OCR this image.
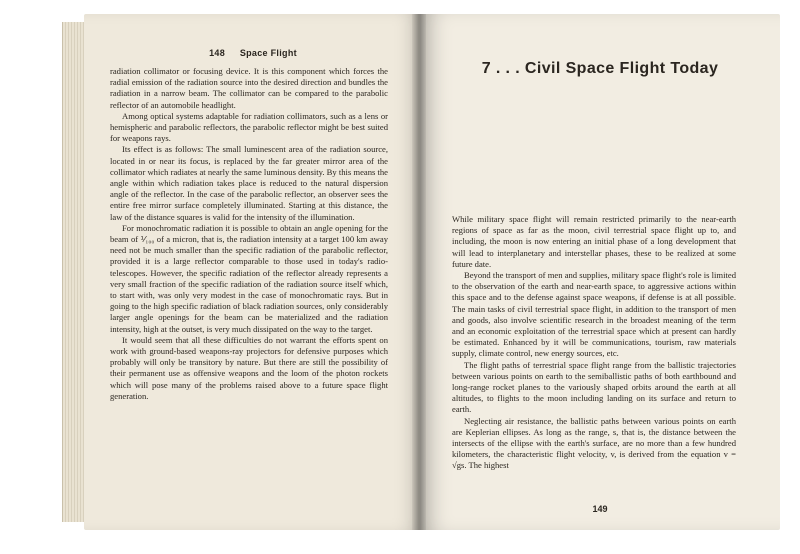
148 Space Flight

radiation collimator or focusing device. It is this component which forces the radial emission of the radiation source into the desired direction and bundles the radiation in a narrow beam. The collimator can be compared to the parabolic reflector of an automobile headlight.

Among optical systems adaptable for radiation collimators, such as a lens or hemispheric and parabolic reflectors, the parabolic reflector might be best suited for weapons rays.

Its effect is as follows: The small luminescent area of the radiation source, located in or near its focus, is replaced by the far greater mirror area of the collimator which radiates at nearly the same luminous density. By this means the angle within which radiation takes place is reduced to the natural dispersion angle of the reflector. In the case of the parabolic reflector, an observer sees the entire free mirror surface completely illuminated. Starting at this distance, the law of the distance squares is valid for the intensity of the illumination.

For monochromatic radiation it is possible to obtain an angle opening for the beam of ⅟₁₀₀ of a micron, that is, the radiation intensity at a target 100 km away need not be much smaller than the specific radiation of the parabolic reflector, provided it is a large reflector comparable to those used in today's radio-telescopes. However, the specific radiation of the reflector already represents a very small fraction of the specific radiation of the radiation source itself which, to start with, was only very modest in the case of monochromatic rays. But in going to the high specific radiation of black radiation sources, only considerably larger angle openings for the beam can be materialized and the radiation intensity, high at the outset, is very much dissipated on the way to the target.

It would seem that all these difficulties do not warrant the efforts spent on work with ground-based weapons-ray projectors for defensive purposes which probably will only be transitory by nature. But there are still the possibility of their permanent use as offensive weapons and the loom of the photon rockets which will pose many of the problems raised above to a future space flight generation.

7 . . . Civil Space Flight Today

While military space flight will remain restricted primarily to the near-earth regions of space as far as the moon, civil terrestrial space flight up to, and including, the moon is now entering an initial phase of a long development that will lead to interplanetary and interstellar phases, these to be realized at some future date.

Beyond the transport of men and supplies, military space flight's role is limited to the observation of the earth and near-earth space, to aggressive actions within this space and to the defense against space weapons, if defense is at all possible. The main tasks of civil terrestrial space flight, in addition to the transport of men and goods, also involve scientific research in the broadest meaning of the term and an economic exploitation of the terrestrial space which at present can hardly be estimated. Enhanced by it will be communications, tourism, raw materials supply, climate control, new energy sources, etc.

The flight paths of terrestrial space flight range from the ballistic trajectories between various points on earth to the semiballistic paths of both earthbound and long-range rocket planes to the variously shaped orbits around the earth at all altitudes, to flights to the moon including landing on its surface and return to earth.

Neglecting air resistance, the ballistic paths between various points on earth are Keplerian ellipses. As long as the range, s, that is, the distance between the intersects of the ellipse with the earth's surface, are no more than a few hundred kilometers, the characteristic flight velocity, v, is derived from the equation v = √gs. The highest

149
